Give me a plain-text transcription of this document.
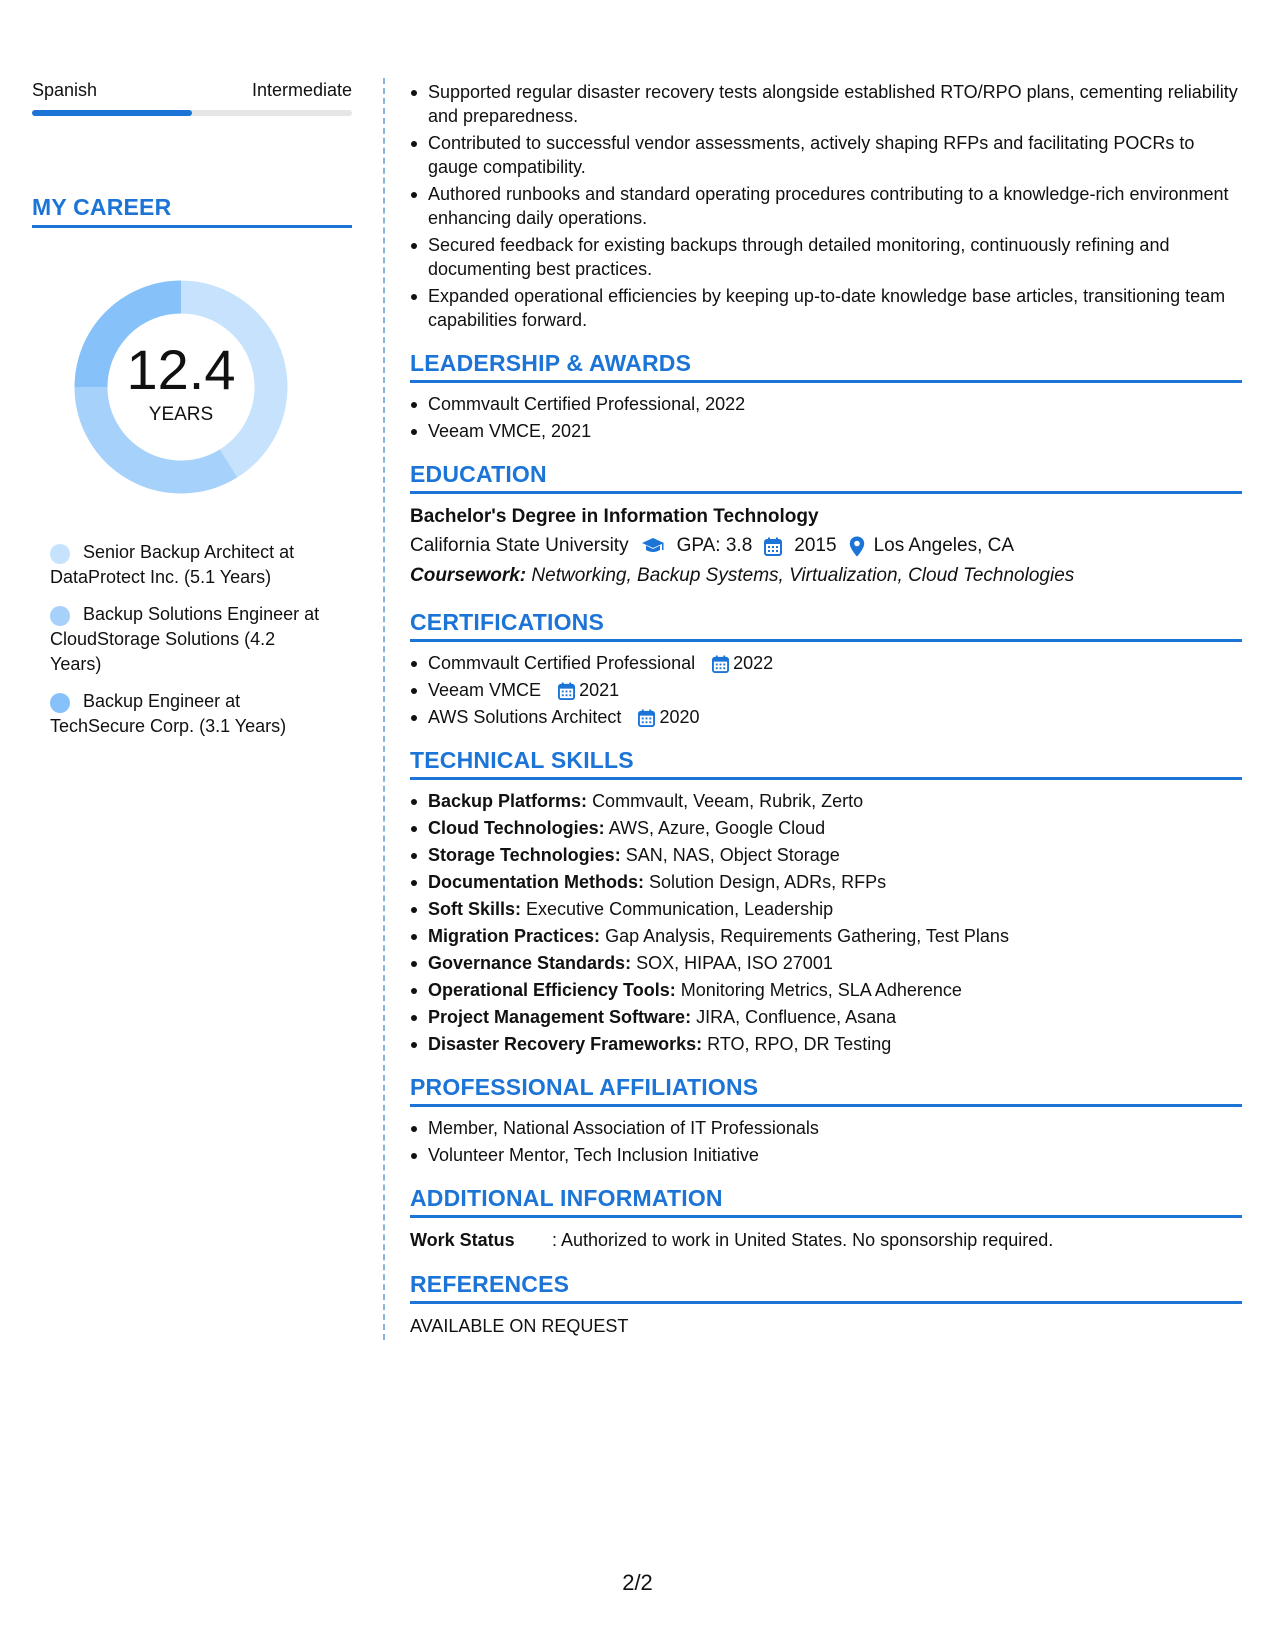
Spanish	Intermediate
MY CAREER
12.4
YEARS
Senior Backup Architect at DataProtect Inc. (5.1 Years)
Backup Solutions Engineer at CloudStorage Solutions (4.2 Years)
Backup Engineer at TechSecure Corp. (3.1 Years)
Supported regular disaster recovery tests alongside established RTO/RPO plans, cementing reliability and preparedness.
Contributed to successful vendor assessments, actively shaping RFPs and facilitating POCRs to gauge compatibility.
Authored runbooks and standard operating procedures contributing to a knowledge-rich environment enhancing daily operations.
Secured feedback for existing backups through detailed monitoring, continuously refining and documenting best practices.
Expanded operational efficiencies by keeping up-to-date knowledge base articles, transitioning team capabilities forward.
LEADERSHIP & AWARDS
Commvault Certified Professional, 2022
Veeam VMCE, 2021
EDUCATION
Bachelor's Degree in Information Technology
California State University	GPA: 3.8 2015 Los Angeles, CA
Coursework: Networking, Backup Systems, Virtualization, Cloud Technologies
CERTIFICATIONS
Commvault Certified Professional 2022
Veeam VMCE 2021
AWS Solutions Architect 2020
TECHNICAL SKILLS
Backup Platforms: Commvault, Veeam, Rubrik, Zerto
Cloud Technologies: AWS, Azure, Google Cloud
Storage Technologies: SAN, NAS, Object Storage
Documentation Methods: Solution Design, ADRs, RFPs
Soft Skills: Executive Communication, Leadership
Migration Practices: Gap Analysis, Requirements Gathering, Test Plans
Governance Standards: SOX, HIPAA, ISO 27001
Operational Efficiency Tools: Monitoring Metrics, SLA Adherence
Project Management Software: JIRA, Confluence, Asana
Disaster Recovery Frameworks: RTO, RPO, DR Testing
PROFESSIONAL AFFILIATIONS
Member, National Association of IT Professionals
Volunteer Mentor, Tech Inclusion Initiative
ADDITIONAL INFORMATION
Work Status	: Authorized to work in United States. No sponsorship required.
REFERENCES
AVAILABLE ON REQUEST
2/2
